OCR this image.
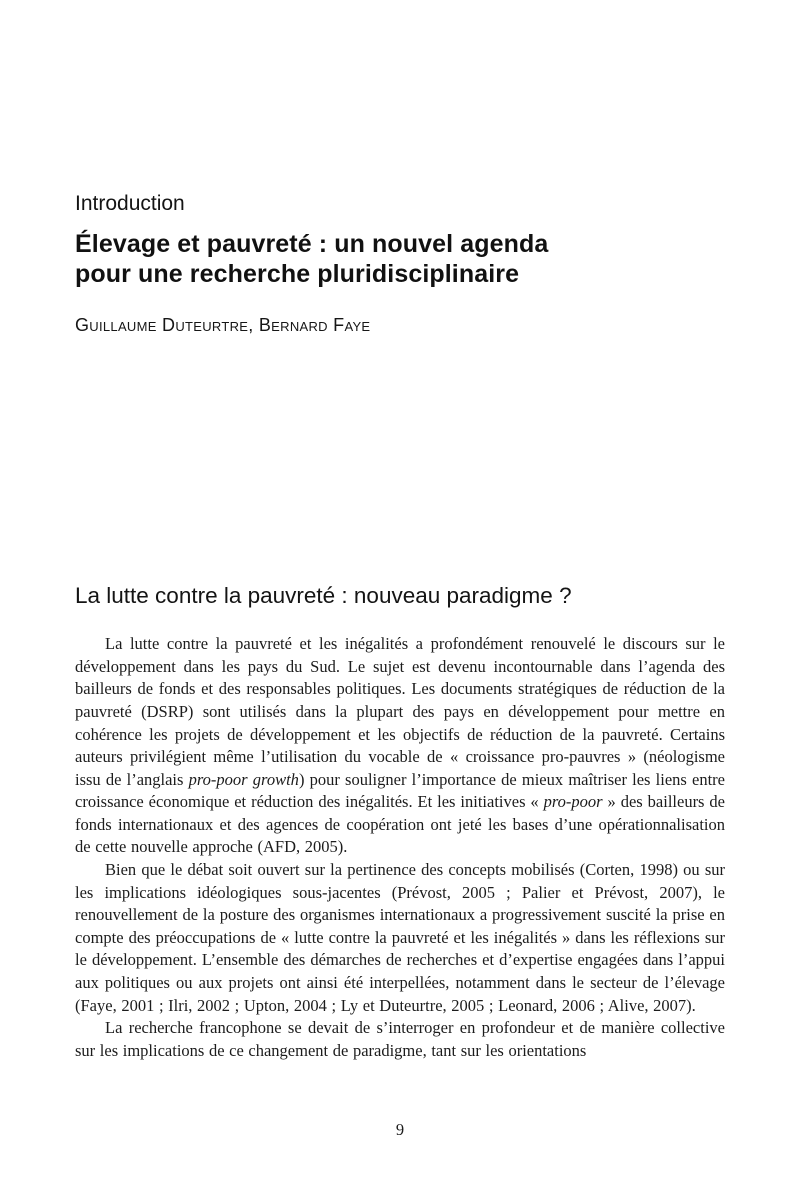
Introduction
Élevage et pauvreté : un nouvel agenda
pour une recherche pluridisciplinaire
Guillaume Duteurtre, Bernard Faye
La lutte contre la pauvreté : nouveau paradigme ?

La lutte contre la pauvreté et les inégalités a profondément renouvelé le discours sur le développement dans les pays du Sud. Le sujet est devenu incontournable dans l’agenda des bailleurs de fonds et des responsables politiques. Les documents stratégiques de réduction de la pauvreté (DSRP) sont utilisés dans la plupart des pays en développement pour mettre en cohérence les projets de développement et les objectifs de réduction de la pauvreté. Certains auteurs privilégient même l’utilisation du vocable de « croissance pro-pauvres » (néologisme issu de l’anglais pro-poor growth) pour souligner l’importance de mieux maîtriser les liens entre croissance économique et réduction des inégalités. Et les initiatives « pro-poor » des bailleurs de fonds internationaux et des agences de coopération ont jeté les bases d’une opérationnalisation de cette nouvelle approche (AFD, 2005).

Bien que le débat soit ouvert sur la pertinence des concepts mobilisés (Corten, 1998) ou sur les implications idéologiques sous-jacentes (Prévost, 2005 ; Palier et Prévost, 2007), le renouvellement de la posture des organismes internationaux a progressivement suscité la prise en compte des préoccupations de « lutte contre la pauvreté et les inégalités » dans les réflexions sur le développement. L’ensemble des démarches de recherches et d’expertise engagées dans l’appui aux politiques ou aux projets ont ainsi été interpellées, notamment dans le secteur de l’élevage (Faye, 2001 ; Ilri, 2002 ; Upton, 2004 ; Ly et Duteurtre, 2005 ; Leonard, 2006 ; Alive, 2007).

La recherche francophone se devait de s’interroger en profondeur et de manière collective sur les implications de ce changement de paradigme, tant sur les orientations

9
